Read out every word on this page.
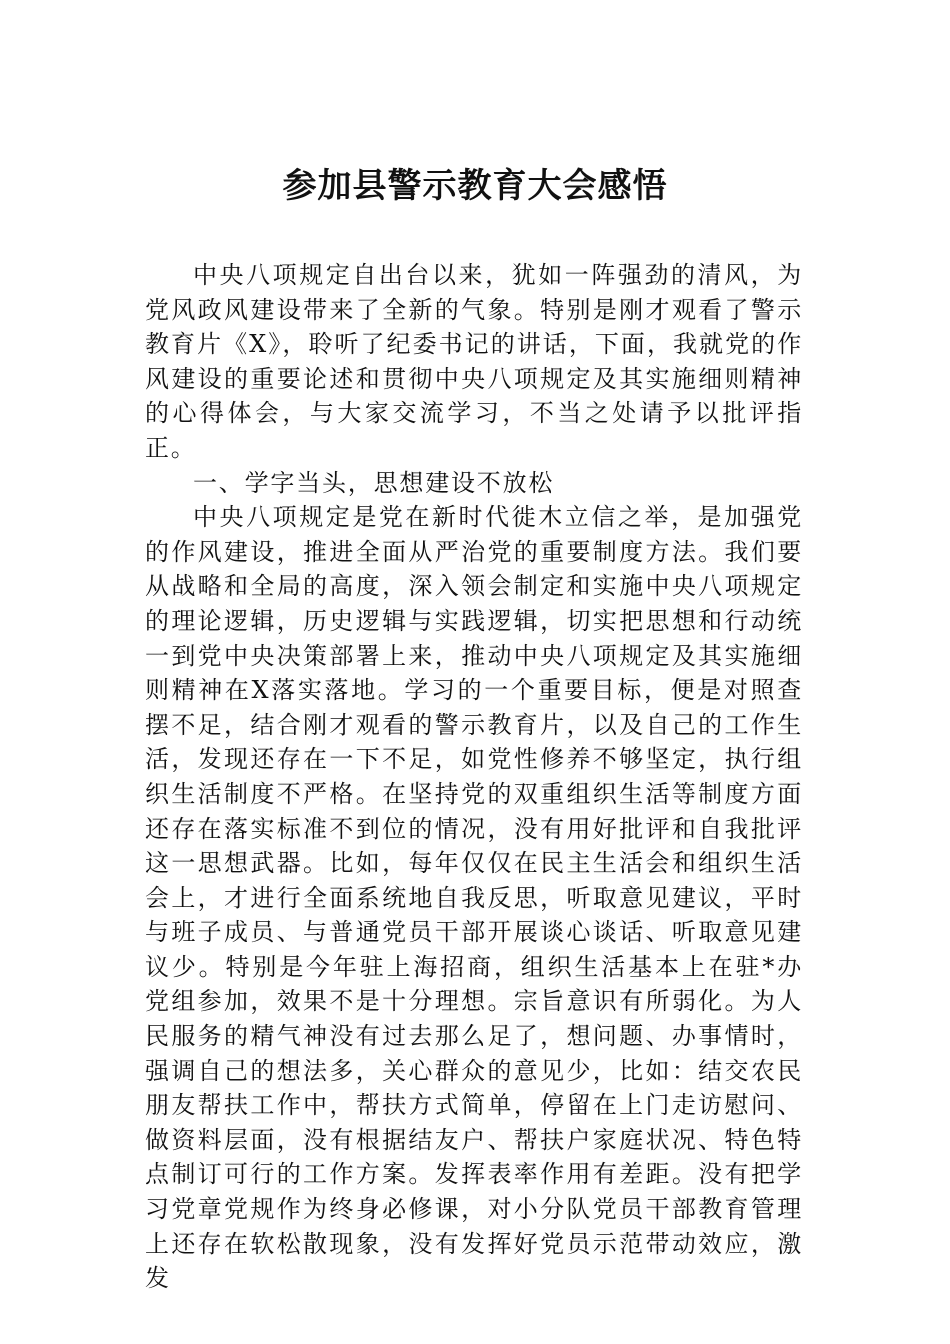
参加县警示教育大会感悟

中央八项规定自出台以来，犹如一阵强劲的清风，为党风政风建设带来了全新的气象。特别是刚才观看了警示教育片《X》，聆听了纪委书记的讲话，下面，我就党的作风建设的重要论述和贯彻中央八项规定及其实施细则精神的心得体会，与大家交流学习，不当之处请予以批评指正。

一、学字当头，思想建设不放松

中央八项规定是党在新时代徙木立信之举，是加强党的作风建设，推进全面从严治党的重要制度方法。我们要从战略和全局的高度，深入领会制定和实施中央八项规定的理论逻辑，历史逻辑与实践逻辑，切实把思想和行动统一到党中央决策部署上来，推动中央八项规定及其实施细则精神在X落实落地。学习的一个重要目标，便是对照查摆不足，结合刚才观看的警示教育片，以及自己的工作生活，发现还存在一下不足，如党性修养不够坚定，执行组织生活制度不严格。在坚持党的双重组织生活等制度方面还存在落实标准不到位的情况，没有用好批评和自我批评这一思想武器。比如，每年仅仅在民主生活会和组织生活会上，才进行全面系统地自我反思，听取意见建议，平时与班子成员、与普通党员干部开展谈心谈话、听取意见建议少。特别是今年驻上海招商，组织生活基本上在驻*办党组参加，效果不是十分理想。宗旨意识有所弱化。为人民服务的精气神没有过去那么足了，想问题、办事情时，强调自己的想法多，关心群众的意见少，比如：结交农民朋友帮扶工作中，帮扶方式简单，停留在上门走访慰问、做资料层面，没有根据结友户、帮扶户家庭状况、特色特点制订可行的工作方案。发挥表率作用有差距。没有把学习党章党规作为终身必修课，对小分队党员干部教育管理上还存在软松散现象，没有发挥好党员示范带动效应，激发
